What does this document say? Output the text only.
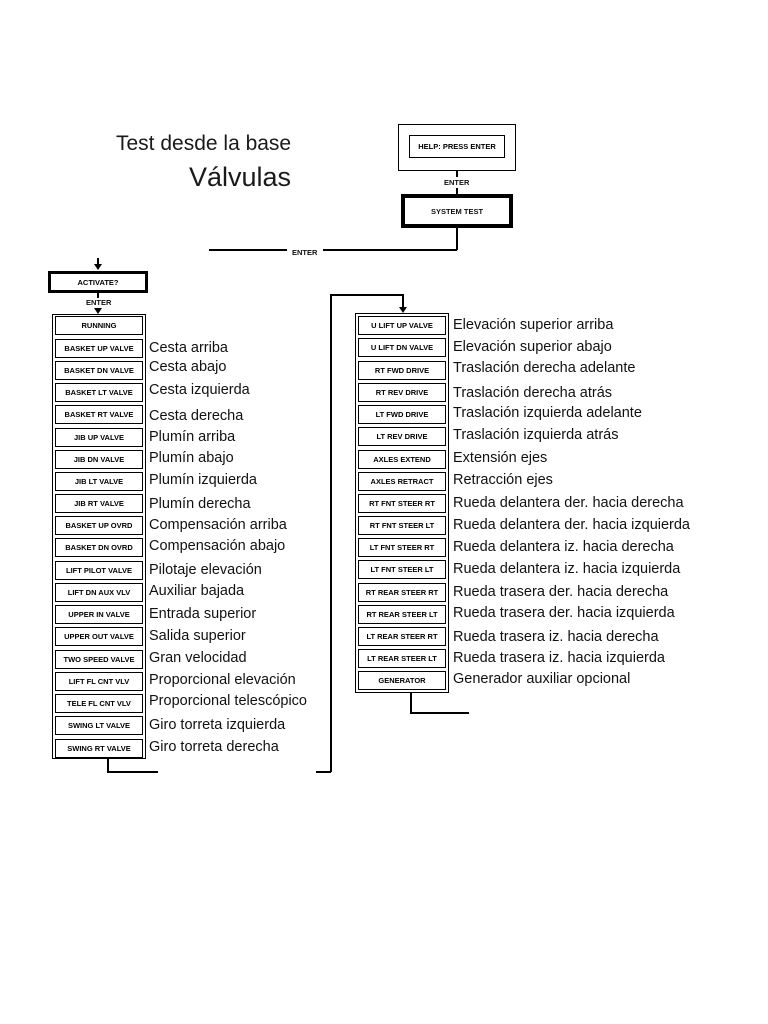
Test desde la base
Válvulas
HELP: PRESS ENTER
ENTER
SYSTEM TEST
ENTER
ACTIVATE?
ENTER
RUNNING
BASKET UP VALVE	Cesta arriba
BASKET DN VALVE	Cesta abajo
BASKET LT VALVE	Cesta izquierda
BASKET RT VALVE	Cesta derecha
JIB UP VALVE	Plumín arriba
JIB DN VALVE	Plumín abajo
JIB LT VALVE	Plumín izquierda
JIB RT VALVE	Plumín derecha
BASKET UP OVRD	Compensación arriba
BASKET DN OVRD	Compensación abajo
LIFT PILOT VALVE	Pilotaje elevación
LIFT DN AUX VLV	Auxiliar bajada
UPPER IN VALVE	Entrada superior
UPPER OUT VALVE	Salida superior
TWO SPEED VALVE	Gran velocidad
LIFT FL CNT VLV	Proporcional elevación
TELE FL CNT VLV	Proporcional telescópico
SWING LT VALVE	Giro torreta izquierda
SWING RT VALVE	Giro torreta derecha
U LIFT UP VALVE	Elevación superior arriba
U LIFT DN VALVE	Elevación superior abajo
RT FWD DRIVE	Traslación derecha adelante
RT REV DRIVE	Traslación derecha atrás
LT FWD DRIVE	Traslación izquierda adelante
LT REV DRIVE	Traslación izquierda atrás
AXLES EXTEND	Extensión ejes
AXLES RETRACT	Retracción ejes
RT FNT STEER RT	Rueda delantera der. hacia derecha
RT FNT STEER LT	Rueda delantera der. hacia izquierda
LT FNT STEER RT	Rueda delantera iz. hacia derecha
LT FNT STEER LT	Rueda delantera iz. hacia izquierda
RT REAR STEER RT	Rueda trasera der. hacia derecha
RT REAR STEER LT	Rueda trasera der. hacia izquierda
LT REAR STEER RT	Rueda trasera iz. hacia derecha
LT REAR STEER LT	Rueda trasera iz. hacia izquierda
GENERATOR	Generador auxiliar opcional
